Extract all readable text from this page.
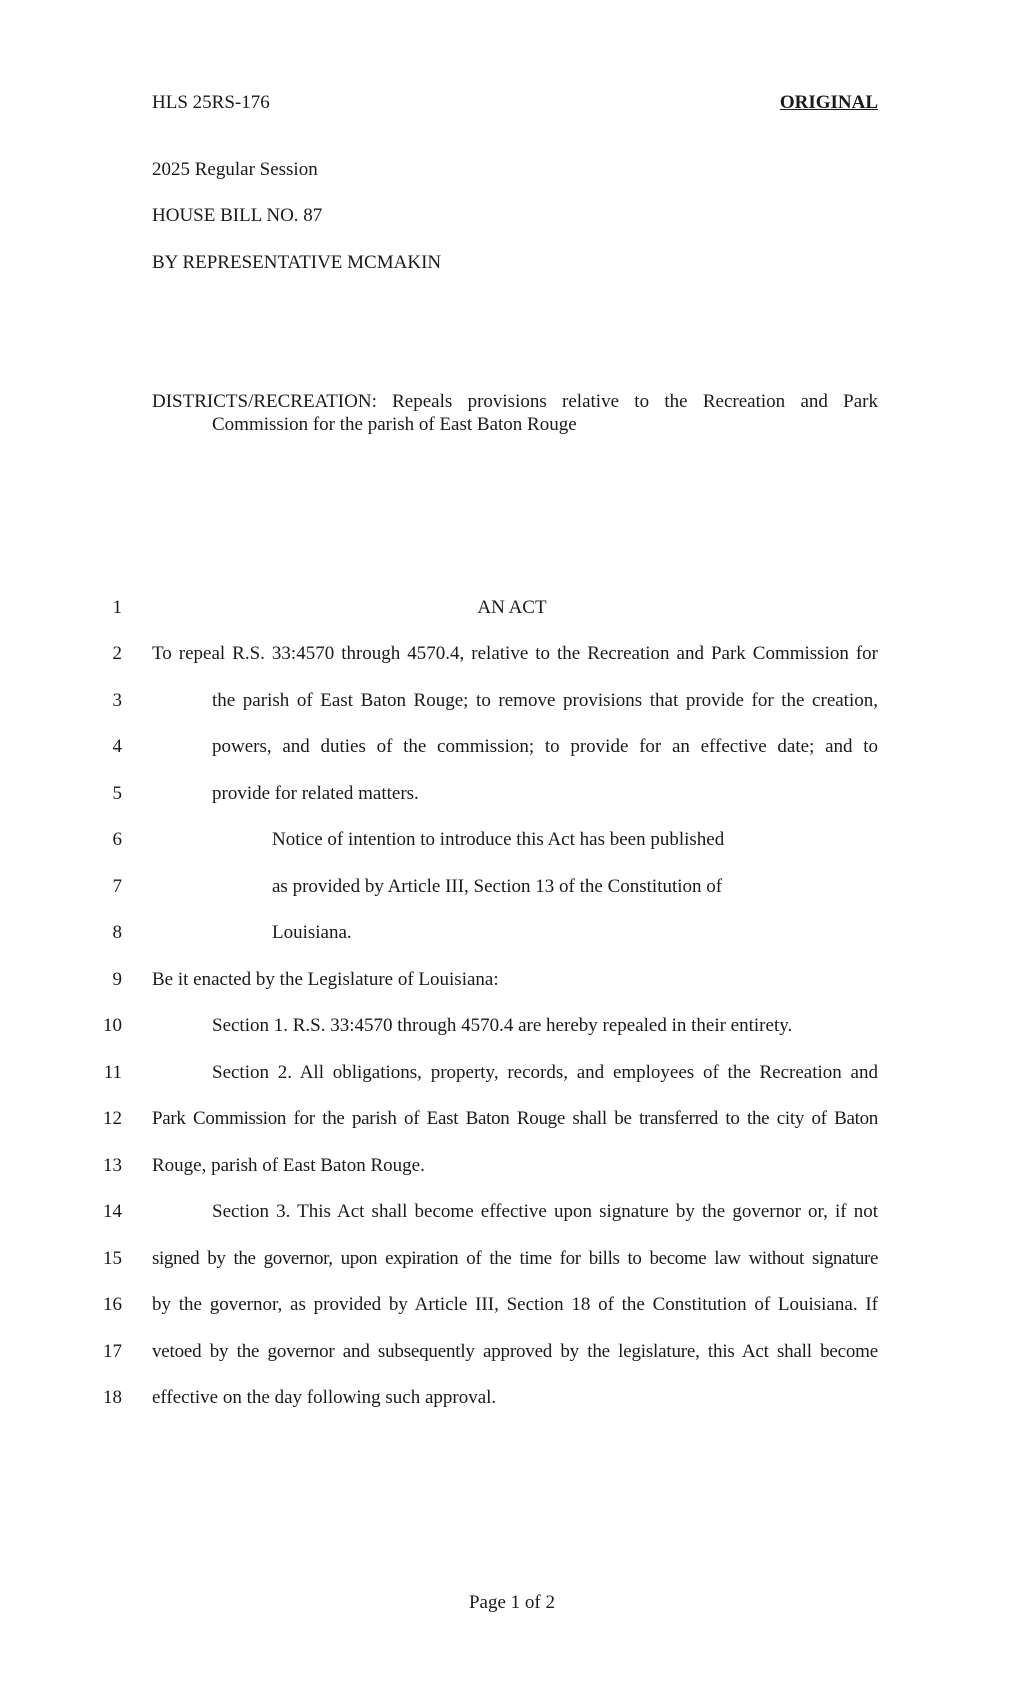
HLS 25RS-176	ORIGINAL
2025 Regular Session
HOUSE BILL NO. 87
BY REPRESENTATIVE MCMAKIN
DISTRICTS/RECREATION: Repeals provisions relative to the Recreation and Park
Commission for the parish of East Baton Rouge
1	AN ACT
2 To repeal R.S. 33:4570 through 4570.4, relative to the Recreation and Park Commission for
3	the parish of East Baton Rouge; to remove provisions that provide for the creation,
4	powers, and duties of the commission; to provide for an effective date; and to
5	provide for related matters.
6	Notice of intention to introduce this Act has been published
7	as provided by Article III, Section 13 of the Constitution of
8	Louisiana.
9 Be it enacted by the Legislature of Louisiana:
10	Section 1. R.S. 33:4570 through 4570.4 are hereby repealed in their entirety.
11	Section 2. All obligations, property, records, and employees of the Recreation and
12 Park Commission for the parish of East Baton Rouge shall be transferred to the city of Baton
13 Rouge, parish of East Baton Rouge.
14	Section 3. This Act shall become effective upon signature by the governor or, if not
15 signed by the governor, upon expiration of the time for bills to become law without signature
16 by the governor, as provided by Article III, Section 18 of the Constitution of Louisiana. If
17 vetoed by the governor and subsequently approved by the legislature, this Act shall become
18 effective on the day following such approval.
Page 1 of 2
